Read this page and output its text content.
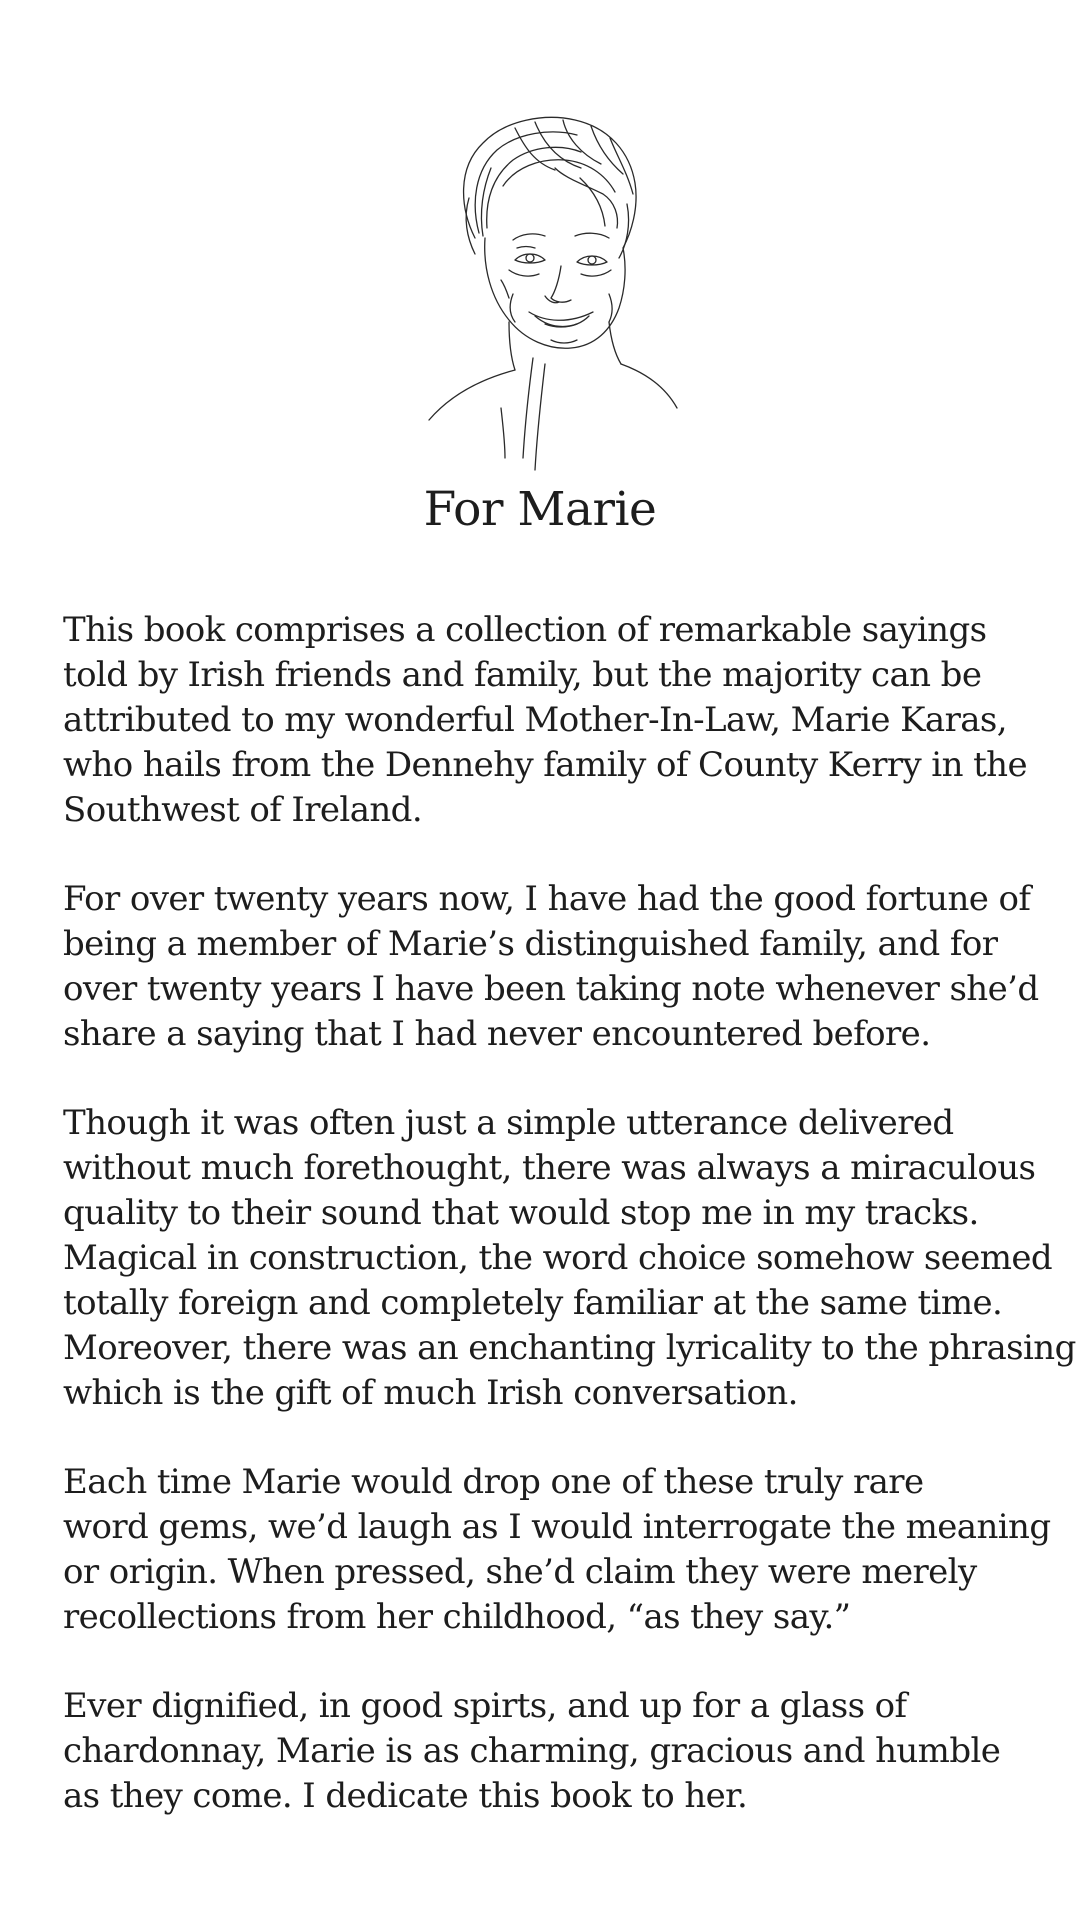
For Marie

This book comprises a collection of remarkable sayings
told by Irish friends and family, but the majority can be
attributed to my wonderful Mother-In-Law, Marie Karas,
who hails from the Dennehy family of County Kerry in the
Southwest of Ireland.

For over twenty years now, I have had the good fortune of
being a member of Marie’s distinguished family, and for
over twenty years I have been taking note whenever she’d
share a saying that I had never encountered before.

Though it was often just a simple utterance delivered
without much forethought, there was always a miraculous
quality to their sound that would stop me in my tracks.
Magical in construction, the word choice somehow seemed
totally foreign and completely familiar at the same time.
Moreover, there was an enchanting lyricality to the phrasing
which is the gift of much Irish conversation.

Each time Marie would drop one of these truly rare
word gems, we’d laugh as I would interrogate the meaning
or origin. When pressed, she’d claim they were merely
recollections from her childhood, “as they say.”

Ever dignified, in good spirts, and up for a glass of
chardonnay, Marie is as charming, gracious and humble
as they come. I dedicate this book to her.
